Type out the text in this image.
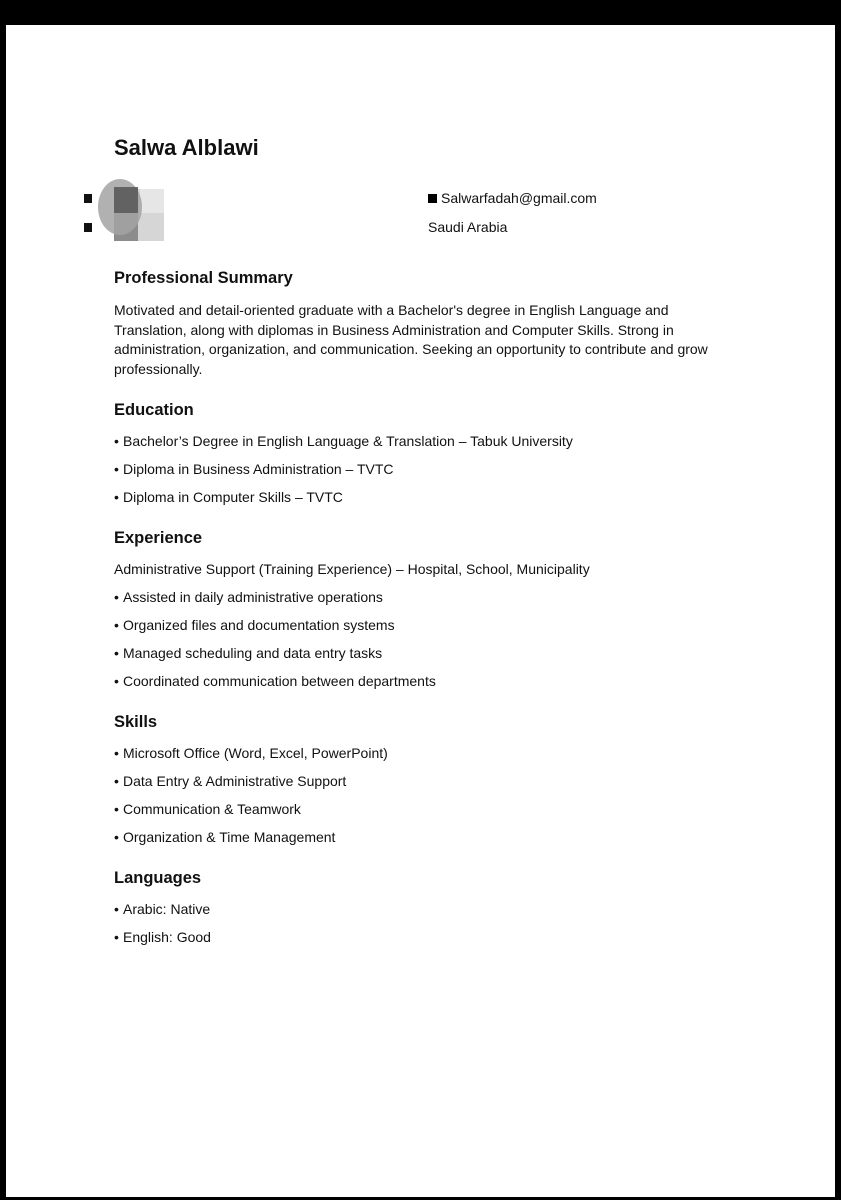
Salwa Alblawi
Salwarfadah@gmail.com
Saudi Arabia
Professional Summary

Motivated and detail-oriented graduate with a Bachelor's degree in English Language and Translation, along with diplomas in Business Administration and Computer Skills. Strong in administration, organization, and communication. Seeking an opportunity to contribute and grow professionally.

Education

• Bachelor’s Degree in English Language & Translation – Tabuk University

• Diploma in Business Administration – TVTC

• Diploma in Computer Skills – TVTC

Experience

Administrative Support (Training Experience) – Hospital, School, Municipality

• Assisted in daily administrative operations

• Organized files and documentation systems

• Managed scheduling and data entry tasks

• Coordinated communication between departments

Skills

• Microsoft Office (Word, Excel, PowerPoint)

• Data Entry & Administrative Support

• Communication & Teamwork

• Organization & Time Management

Languages

• Arabic: Native

• English: Good
